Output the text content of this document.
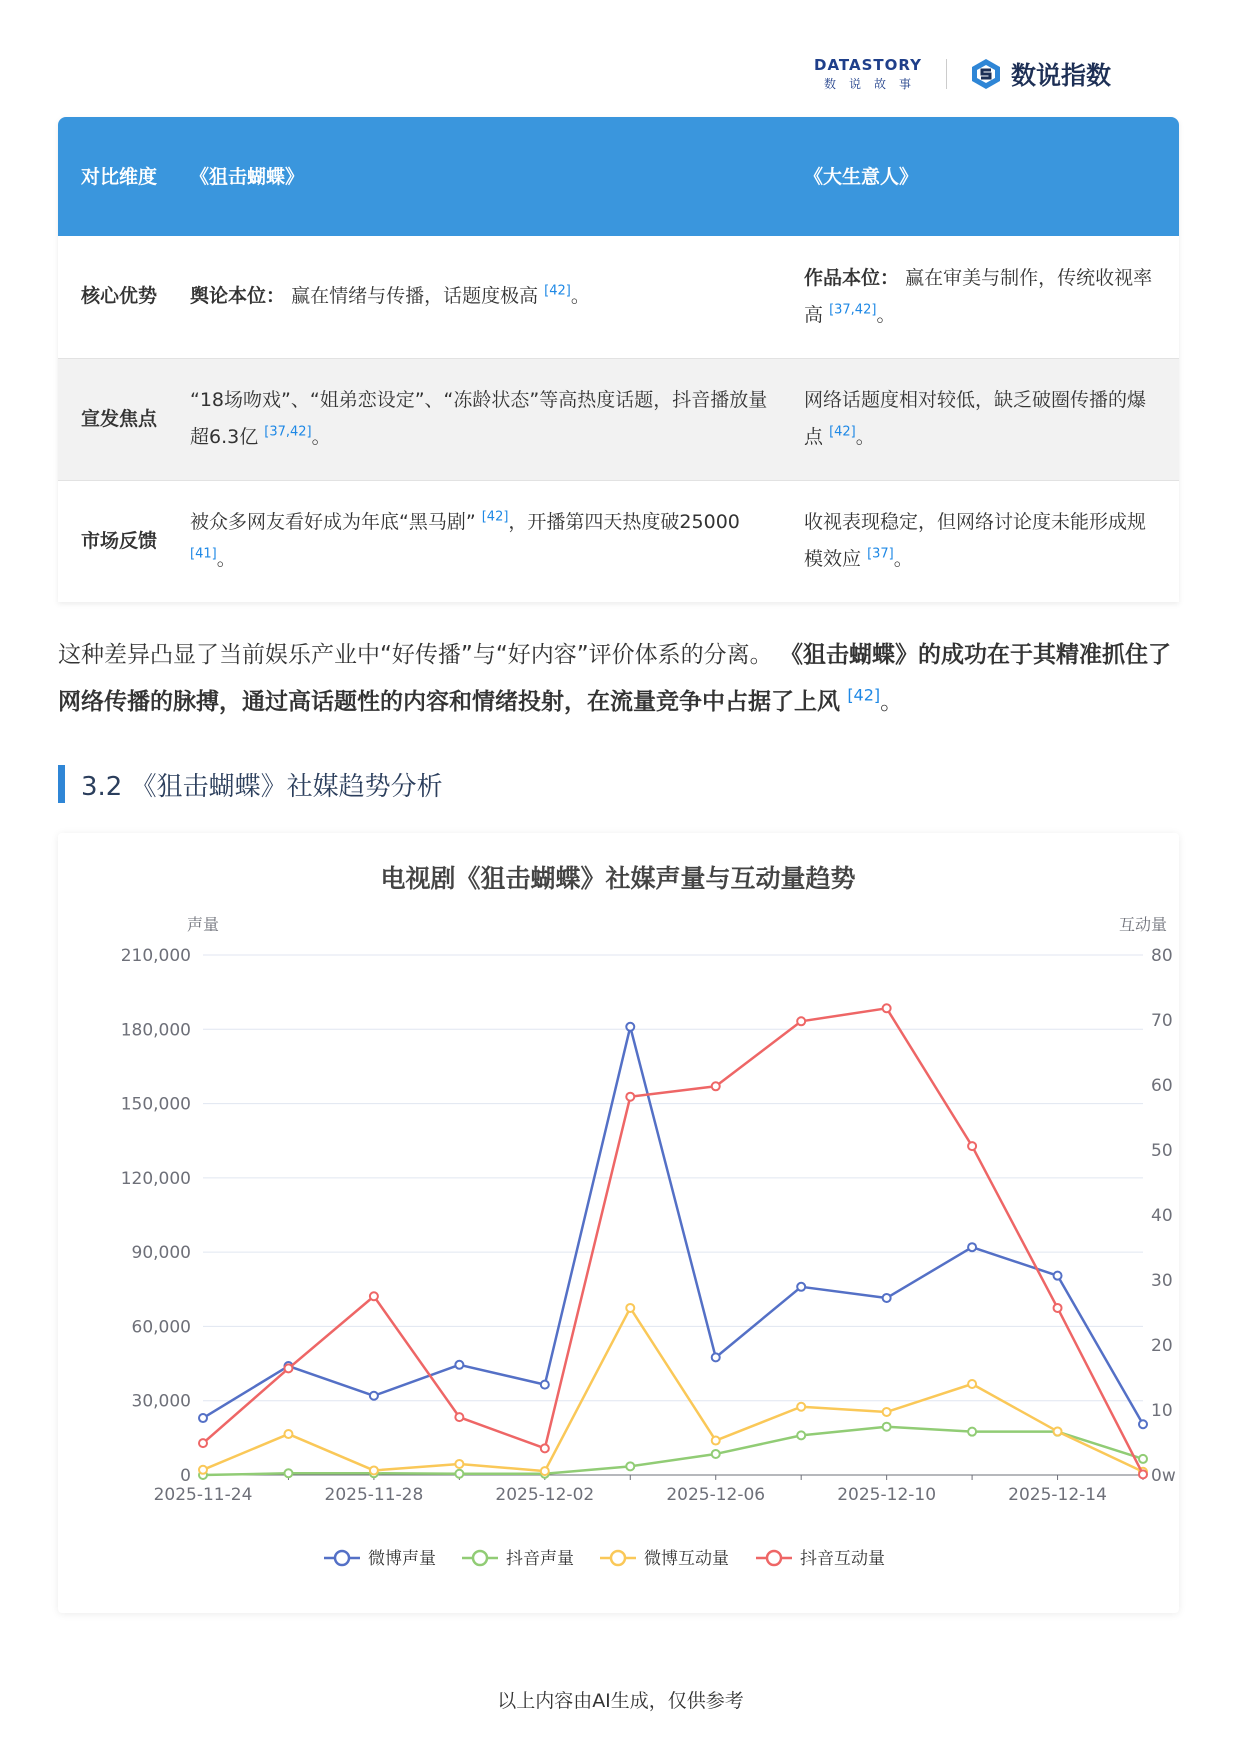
DATASTORY
数说故事	数说指数
对比维度	《狙击蝴蝶》	《大生意人》
核心优势	舆论本位： 赢在情绪与传播，话题度极高 [42]。	作品本位： 赢在审美与制作，传统收视率高 [37,42]。
宣发焦点	“18场吻戏”、“姐弟恋设定”、“冻龄状态”等高热度话题，抖音播放量超6.3亿 [37,42]。	网络话题度相对较低，缺乏破圈传播的爆点 [42]。
市场反馈	被众多网友看好成为年底“黑马剧” [42]，开播第四天热度破25000 [41]。	收视表现稳定，但网络讨论度未能形成规模效应 [37]。

这种差异凸显了当前娱乐产业中“好传播”与“好内容”评价体系的分离。 《狙击蝴蝶》的成功在于其精准抓住了网络传播的脉搏，通过高话题性的内容和情绪投射，在流量竞争中占据了上风 [42]。

3.2 《狙击蝴蝶》社媒趋势分析
电视剧《狙击蝴蝶》社媒声量与互动量趋势
声量	互动量
0
30,000
60,000
90,000
120,000
150,000
180,000
210,000
0w
10
20
30
40
50
60
70
80
2025-11-24	2025-11-28	2025-12-02	2025-12-06	2025-12-10	2025-12-14
微博声量	抖音声量	微博互动量	抖音互动量
以上内容由AI生成，仅供参考
